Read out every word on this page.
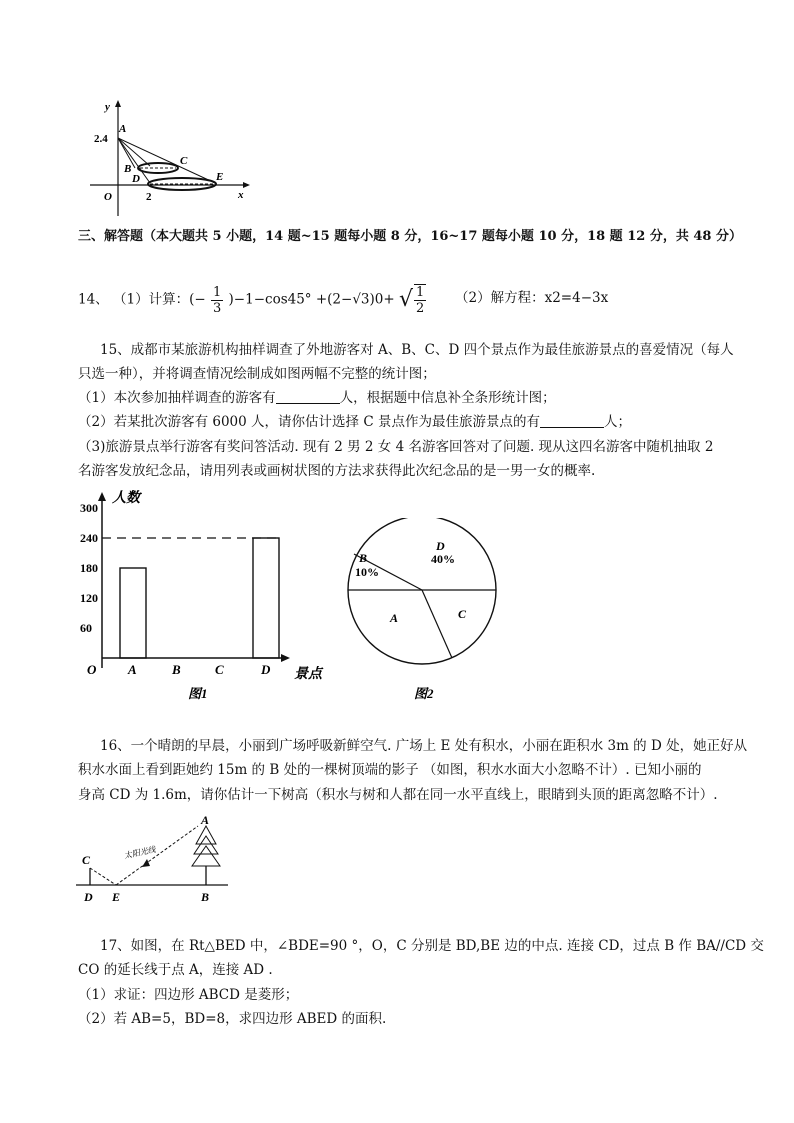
y
x
O
2.4
2
A
B
C
D	E
三、解答题（本大题共 5 小题，14 题~15 题每小题 8 分，16~17 题每小题 10 分，18 题 12 分，共 48 分）
14、 （1）计算：(− $\frac{1}{3} )-1-\cos 45^\circ +(2-√3)0+$ √ $\frac{1}{2} (2)$解方程：x2=4−3x
15、成都市某旅游机构抽样调查了外地游客对 A、B、C、D 四个景点作为最佳旅游景点的喜爱情况（每人
只选一种），并将调查情况绘制成如图两幅不完整的统计图；
（1）本次参加抽样调查的游客有	人，根据题中信息补全条形统计图；
（2）若某批次游客有 6000 人，请你估计选择 C 景点作为最佳旅游景点的有	人；
（3)旅游景点举行游客有奖问答活动. 现有 2 男 2 女 4 名游客回答对了问题. 现从这四名游客中随机抽取 2
名游客发放纪念品，请用列表或画树状图的方法求获得此次纪念品的是一男一女的概率.
300
240
180
120
60
A	B	C	D
人数
景点
O
图1
D
40%
B
10%
A	C
图2
16、一个晴朗的早晨，小丽到广场呼吸新鲜空气. 广场上 E 处有积水，小丽在距积水 3m 的 D 处，她正好从
积水水面上看到距她约 15m 的 B 处的一棵树顶端的影子 （如图，积水水面大小忽略不计）. 已知小丽的
身高 CD 为 1.6m，请你估计一下树高（积水与树和人都在同一水平直线上，眼睛到头顶的距离忽略不计）.
C
D E
A
B
太阳光线
17、如图，在 Rt△BED 中，∠BDE=90 °，O，C 分别是 BD,BE 边的中点. 连接 CD，过点 B 作 BA//CD 交
CO 的延长线于点 A，连接 AD .
（1）求证：四边形 ABCD 是菱形；
（2）若 AB=5，BD=8，求四边形 ABED 的面积.
